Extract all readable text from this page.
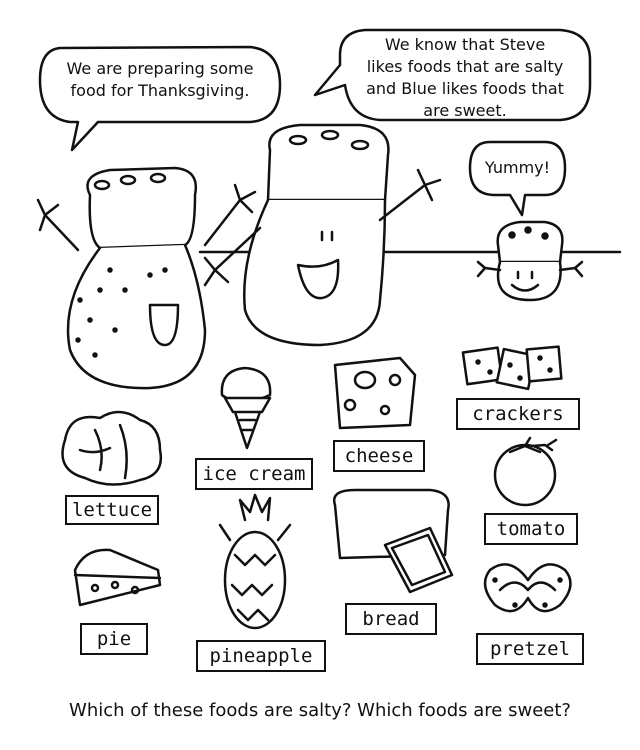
We are preparing some food for Thanksgiving.
We know that Steve
likes foods that are salty
and Blue likes foods that
are sweet.
Yummy!
lettuce
ice cream
cheese
crackers
tomato
pie
pineapple
bread
pretzel
Which of these foods are salty? Which foods are sweet?
